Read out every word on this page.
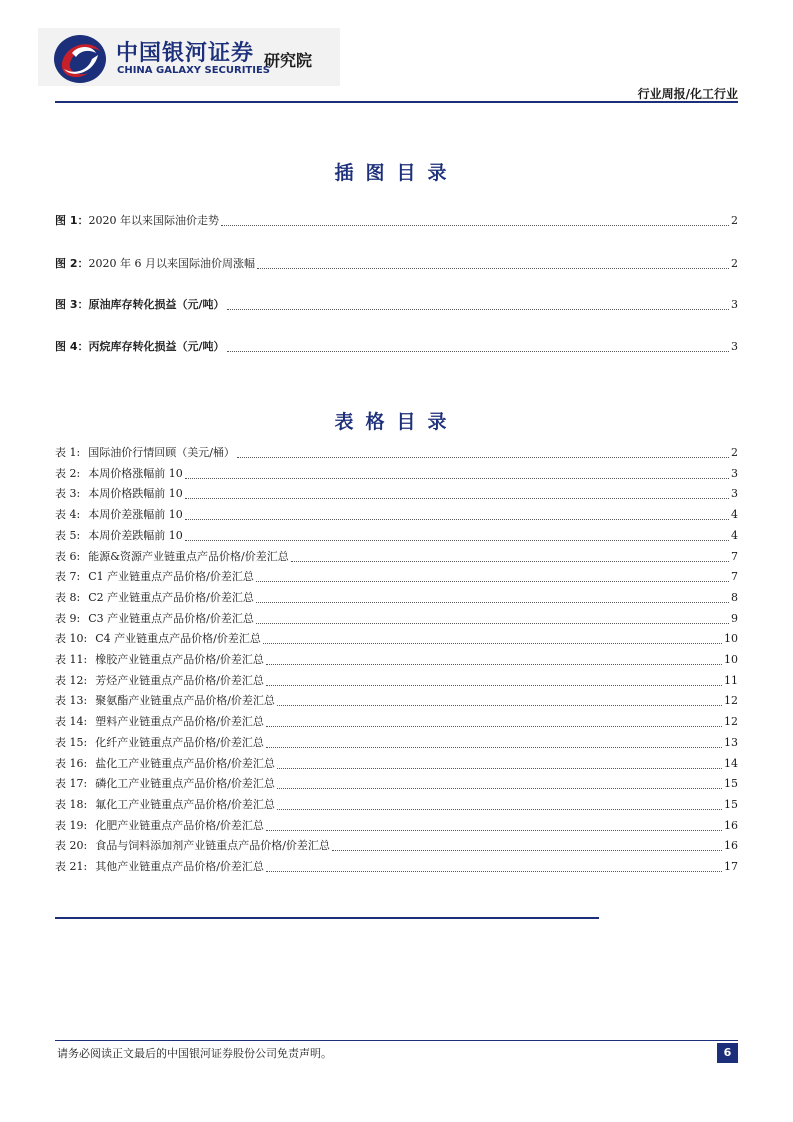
中国银河证券
CHINA GALAXY SECURITIES
研究院
行业周报/化工行业
插图目录
图 1：2020 年以来国际油价走势	2
图 2：2020 年 6 月以来国际油价周涨幅	2
图 3：原油库存转化损益（元/吨）	3
图 4：丙烷库存转化损益（元/吨）	3
表格目录
表 1: 国际油价行情回顾（美元/桶）	2
表 2: 本周价格涨幅前 10	3
表 3: 本周价格跌幅前 10	3
表 4: 本周价差涨幅前 10	4
表 5: 本周价差跌幅前 10	4
表 6: 能源&资源产业链重点产品价格/价差汇总	7
表 7: C1 产业链重点产品价格/价差汇总	7
表 8: C2 产业链重点产品价格/价差汇总	8
表 9: C3 产业链重点产品价格/价差汇总	9
表 10: C4 产业链重点产品价格/价差汇总	10
表 11: 橡胶产业链重点产品价格/价差汇总	10
表 12: 芳烃产业链重点产品价格/价差汇总	11
表 13: 聚氨酯产业链重点产品价格/价差汇总	12
表 14: 塑料产业链重点产品价格/价差汇总	12
表 15: 化纤产业链重点产品价格/价差汇总	13
表 16: 盐化工产业链重点产品价格/价差汇总	14
表 17: 磷化工产业链重点产品价格/价差汇总	15
表 18: 氟化工产业链重点产品价格/价差汇总	15
表 19: 化肥产业链重点产品价格/价差汇总	16
表 20: 食品与饲料添加剂产业链重点产品价格/价差汇总	16
表 21: 其他产业链重点产品价格/价差汇总	17
请务必阅读正文最后的中国银河证券股份公司免责声明。	6
